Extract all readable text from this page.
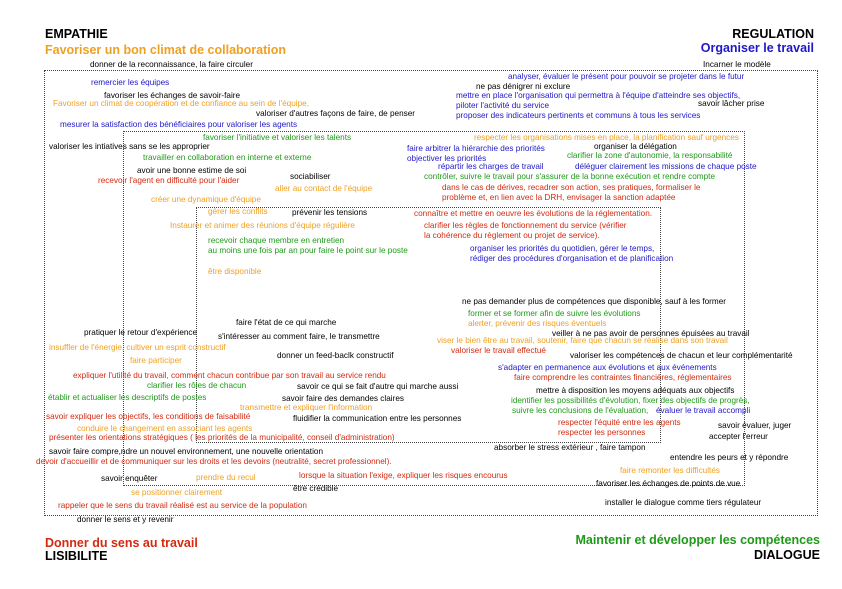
EMPATHIE
Favoriser un bon climat de collaboration
REGULATION
Organiser le travail
Donner du sens au travail
LISIBILITE
Maintenir et développer les compétences
DIALOGUE
donner de la reconnaissance, la faire circuler	Incarner le modèle
remercier les équipes
analyser, évaluer le présent pour pouvoir se projeter dans le futur
ne pas dénigrer ni exclure
favoriser les échanges de savoir-faire	mettre en place l'organisation qui permettra à l'équipe d'atteindre ses objectifs,
Favoriser un climat de coopération et de confiance au sein de l'équipe,	piloter l'activité du service	savoir lâcher prise
valoriser d'autres façons de faire, de penser	proposer des indicateurs pertinents et communs à tous les services
mesurer la satisfaction des bénéficiaires pour valoriser les agents
favoriser l'initiative et valoriser les talents	respecter les organisations mises en place, la planification sauf urgences
valoriser les intiatives sans se les approprier	faire arbitrer la hiérarchie des priorités	organiser la délégation
travailler en collaboration en interne et externe	objectiver les priorités	clarifier la zone d'autonomie, la responsabilité
avoir une bonne estime de soi	répartir les charges de travail	déléguer clairement les missions de chaque poste
sociabiliser
recevoir l'agent en difficulté pour l'aider	contrôler, suivre le travail pour s'assurer de la bonne exécution et rendre compte
aller au contact de l'équipe	dans le cas de dérives, recadrer son action, ses pratiques, formaliser le
créer une dynamique d'équipe	problème et, en lien avec la DRH, envisager la sanction adaptée
gérer les conflits	prévenir les tensions	connaître et mettre en oeuvre les évolutions de la réglementation.
Instaurer et animer des réunions d'équipe régulière	clarifier les règles de fonctionnement du service (vérifier
la cohérence du règlement ou projet de service).
recevoir chaque membre en entretien
au moins une fois par an pour faire le point sur le poste	organiser les priorités du quotidien, gérer le temps,
rédiger des procédures d'organisation et de planification
être disponible
ne pas demander plus de compétences que disponible, sauf à les former
former et se former afin de suivre les évolutions
faire l'état de ce qui marche	alerter, prévenir des risques éventuels
pratiquer le retour d'expérience	s'intéresser au comment faire, le transmettre	veiller à ne pas avoir de personnes épuisées au travail
insuffler de l'énergie, cultiver un esprit constructif
viser le bien être au travail, soutenir, faire que chacun se réalise dans son travail
valoriser le travail effectué
donner un feed-baclk constructif
faire participer
valoriser les compétences de chacun et leur complémentarité
s'adapter en permanence aux évolutions et aux événements
expliquer l'utilité du travail, comment chacun contribue par son travail au service rendu	faire comprendre les contraintes financières, réglementaires
clarifier les rôles de chacun	savoir ce qui se fait d'autre qui marche aussi	mettre à disposition les moyens adéquats aux objectifs
établir et actualiser les descriptifs de postes	savoir faire des demandes claires	identifier les possibilités d'évolution, fixer des objectifs de progrès,
transmettre et expliquer l'information	suivre les conclusions de l'évaluation, évaluer le travail accompli
savoir expliquer les objectifs, les conditions de faisabilité	fluidifier la communication entre les personnes	respecter l'équité entre les agents	savoir évaluer, juger
conduire le changement en associant les agents	respecter les personnes	accepter l'erreur
présenter les orientations stratégiques ( les priorités de la municipalité, conseil d'administration)
absorber le stress extérieur , faire tampon
savoir faire compre,ndre un nouvel environnement, une nouvelle orientation
entendre les peurs et y répondre
devoir d'accueillir et de communiquer sur les droits et les devoirs (neutralité, secret professionnel).
faire remonter les difficultés
savoir enquêter	prendre du recul	lorsque la situation l'exige, expliquer les risques encourus
favoriser les échanges de points de vue
se positionner clairement	être crédible
installer le dialogue comme tiers régulateur
rappeler que le sens du travail réalisé est au service de la population
donner le sens et y revenir
